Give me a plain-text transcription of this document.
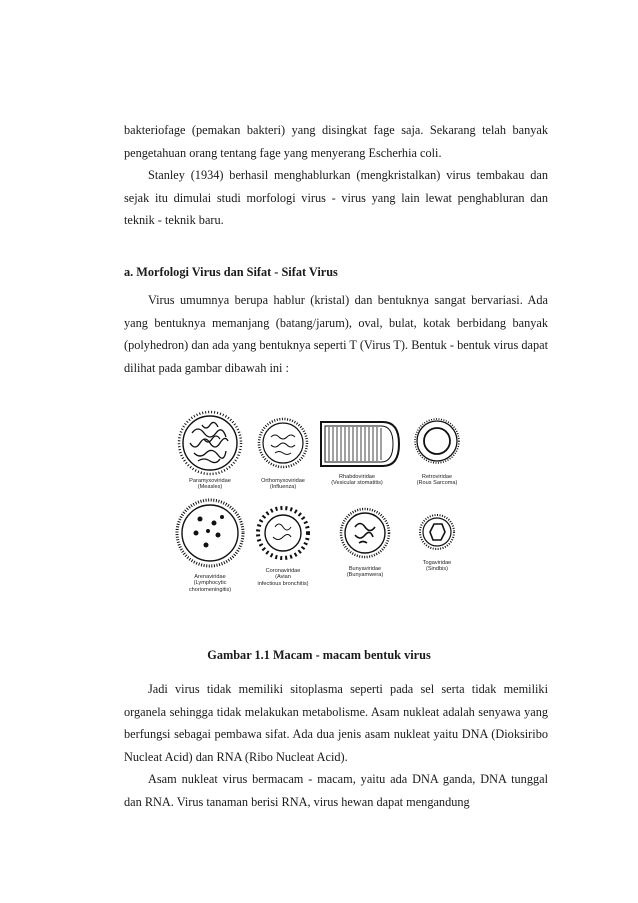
bakteriofage (pemakan bakteri) yang disingkat fage saja. Sekarang telah banyak pengetahuan orang tentang fage yang menyerang Escherhia coli.

Stanley (1934) berhasil menghablurkan (mengkristalkan) virus tembakau dan sejak itu dimulai studi morfologi virus - virus yang lain lewat penghabluran dan teknik - teknik baru.

a. Morfologi Virus dan Sifat - Sifat Virus

Virus umumnya berupa hablur (kristal) dan bentuknya sangat bervariasi. Ada yang bentuknya memanjang (batang/jarum), oval, bulat, kotak berbidang banyak (polyhedron) dan ada yang bentuknya seperti T (Virus T). Bentuk - bentuk virus dapat dilihat pada gambar dibawah ini :

Paramyxoviridae
(Measles)
Orthomyxoviridae
(Influenza)
Rhabdoviridae
(Vesicular stomatitis)
Retroviridae
(Rous Sarcoma)
Arenaviridae
(Lymphocytic
choriomeningitis)
Coronaviridae
(Avian
infectious bronchitis)
Bunyaviridae
(Bunyamwera)
Togaviridae
(Sindbis)

Gambar 1.1 Macam - macam bentuk virus

Jadi virus tidak memiliki sitoplasma seperti pada sel serta tidak memiliki organela sehingga tidak melakukan metabolisme. Asam nukleat adalah senyawa yang berfungsi sebagai pembawa sifat. Ada dua jenis asam nukleat yaitu DNA (Dioksiribo Nucleat Acid) dan RNA (Ribo Nucleat Acid).

Asam nukleat virus bermacam - macam, yaitu ada DNA ganda, DNA tunggal dan RNA. Virus tanaman berisi RNA, virus hewan dapat mengandung
